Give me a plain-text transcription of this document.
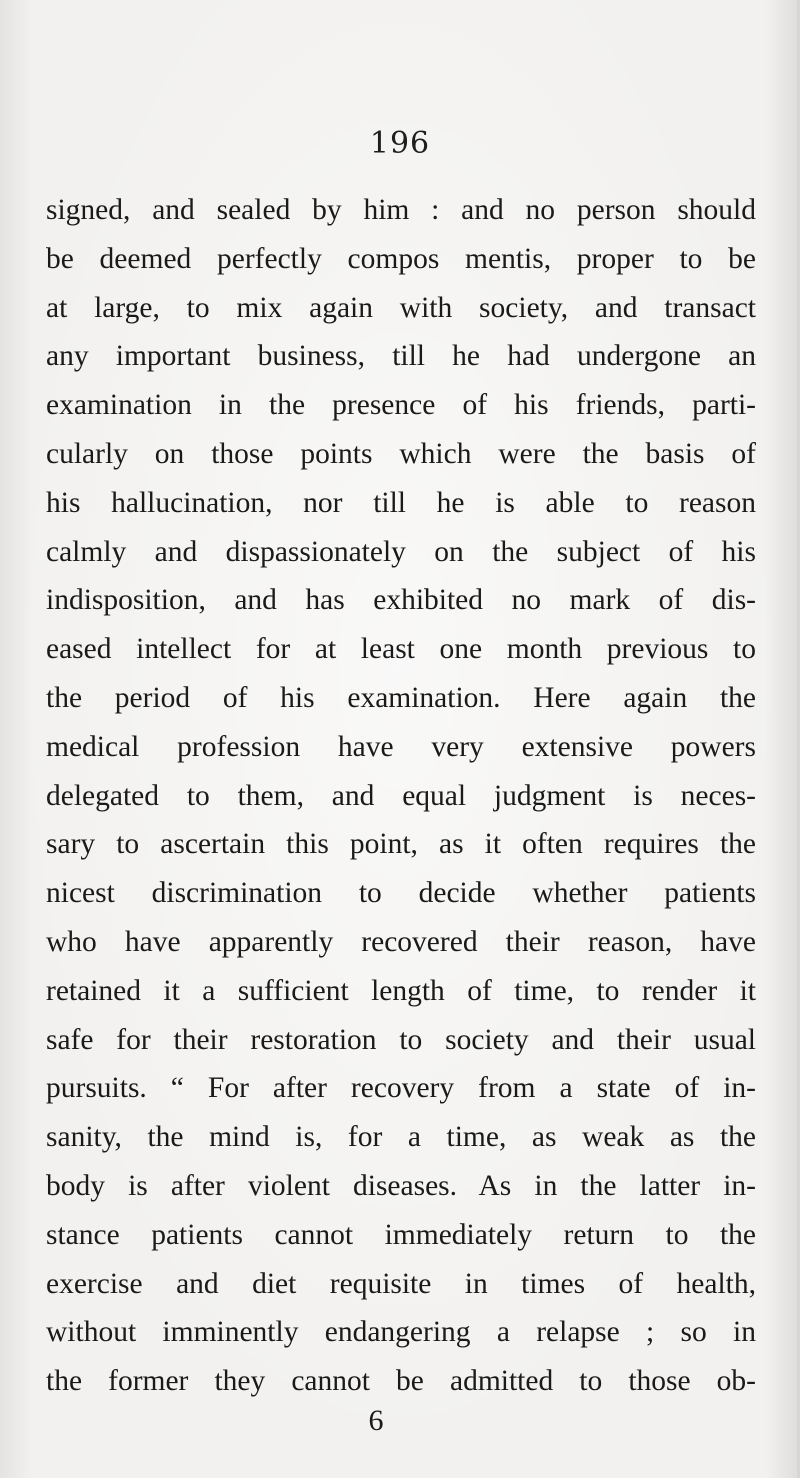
196
signed, and sealed by him : and no person should
be deemed perfectly compos mentis, proper to be
at large, to mix again with society, and transact
any important business, till he had undergone an
examination in the presence of his friends, parti-
cularly on those points which were the basis of
his hallucination, nor till he is able to reason
calmly and dispassionately on the subject of his
indisposition, and has exhibited no mark of dis-
eased intellect for at least one month previous to
the period of his examination. Here again the
medical profession have very extensive powers
delegated to them, and equal judgment is neces-
sary to ascertain this point, as it often requires the
nicest discrimination to decide whether patients
who have apparently recovered their reason, have
retained it a sufficient length of time, to render it
safe for their restoration to society and their usual
pursuits. “ For after recovery from a state of in-
sanity, the mind is, for a time, as weak as the
body is after violent diseases. As in the latter in-
stance patients cannot immediately return to the
exercise and diet requisite in times of health,
without imminently endangering a relapse ; so in
the former they cannot be admitted to those ob-
6
